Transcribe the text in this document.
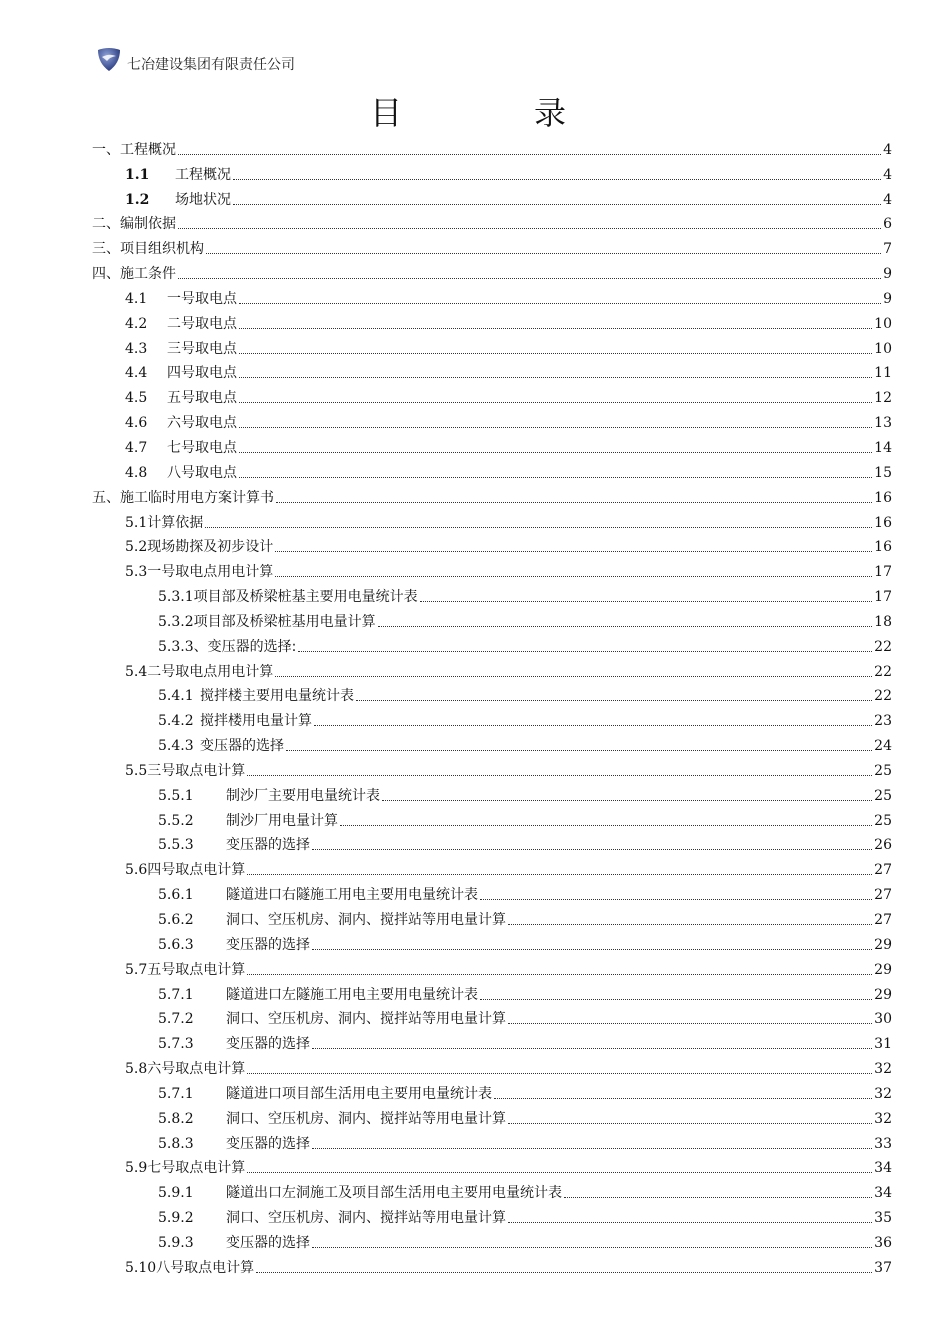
七冶建设集团有限责任公司
目　录
一、工程概况	4
1.1	工程概况	4
1.2	场地状况	4
二、编制依据	6
三、项目组织机构	7
四、施工条件	9
4.1	一号取电点	9
4.2	二号取电点	10
4.3	三号取电点	10
4.4	四号取电点	11
4.5	五号取电点	12
4.6	六号取电点	13
4.7	七号取电点	14
4.8	八号取电点	15
五、施工临时用电方案计算书	16
5.1 计算依据	16
5.2 现场勘探及初步设计	16
5.3 一号取电点用电计算	17
5.3.1 项目部及桥梁桩基主要用电量统计表	17
5.3.2 项目部及桥梁桩基用电量计算	18
5.3.3、 变压器的选择:	22
5.4 二号取电点用电计算	22
5.4.1 搅拌楼主要用电量统计表	22
5.4.2 搅拌楼用电量计算	23
5.4.3 变压器的选择	24
5.5 三号取点电计算	25
5.5.1	制沙厂主要用电量统计表	25
5.5.2	制沙厂用电量计算	25
5.5.3	变压器的选择	26
5.6 四号取点电计算	27
5.6.1	隧道进口右隧施工用电主要用电量统计表	27
5.6.2	洞口、空压机房、洞内、搅拌站等用电量计算	27
5.6.3	变压器的选择	29
5.7 五号取点电计算	29
5.7.1	隧道进口左隧施工用电主要用电量统计表	29
5.7.2	洞口、空压机房、洞内、搅拌站等用电量计算	30
5.7.3	变压器的选择	31
5.8 六号取点电计算	32
5.7.1	隧道进口项目部生活用电主要用电量统计表	32
5.8.2	洞口、空压机房、洞内、搅拌站等用电量计算	32
5.8.3	变压器的选择	33
5.9 七号取点电计算	34
5.9.1	隧道出口左洞施工及项目部生活用电主要用电量统计表	34
5.9.2	洞口、空压机房、洞内、搅拌站等用电量计算	35
5.9.3	变压器的选择	36
5.10 八号取点电计算	37
